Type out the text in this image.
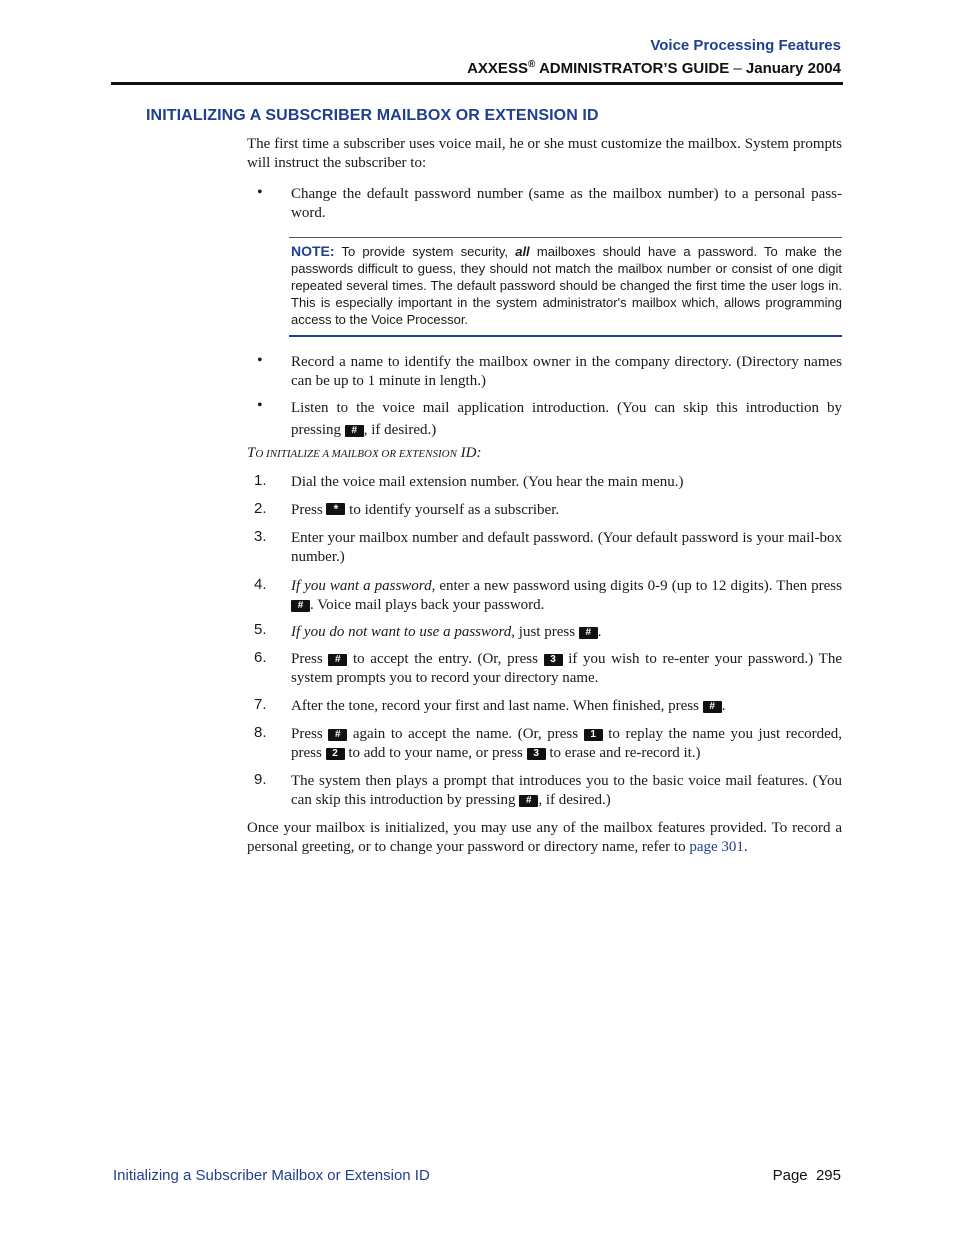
Voice Processing Features
AXXESS® ADMINISTRATOR’S GUIDE – January 2004
INITIALIZING A SUBSCRIBER MAILBOX OR EXTENSION ID
The first time a subscriber uses voice mail, he or she must customize the mailbox. System prompts will instruct the subscriber to:
• Change the default password number (same as the mailbox number) to a personal pass-word.
NOTE: To provide system security, all mailboxes should have a password. To make the passwords difficult to guess, they should not match the mailbox number or consist of one digit repeated several times. The default password should be changed the first time the user logs in. This is especially important in the system administrator's mailbox which, allows programming access to the Voice Processor.
• Record a name to identify the mailbox owner in the company directory. (Directory names can be up to 1 minute in length.)
• Listen to the voice mail application introduction. (You can skip this introduction by pressing # , if desired.)
TO INITIALIZE A MAILBOX OR EXTENSION ID:
1. Dial the voice mail extension number. (You hear the main menu.)
2. Press * to identify yourself as a subscriber.
3. Enter your mailbox number and default password. (Your default password is your mail-box number.)
4. If you want a password, enter a new password using digits 0-9 (up to 12 digits). Then press # . Voice mail plays back your password.
5. If you do not want to use a password, just press # .
6. Press # to accept the entry. (Or, press 3 if you wish to re-enter your password.) The system prompts you to record your directory name.
7. After the tone, record your first and last name. When finished, press # .
8. Press # again to accept the name. (Or, press 1 to replay the name you just recorded, press 2 to add to your name, or press 3 to erase and re-record it.)
9. The system then plays a prompt that introduces you to the basic voice mail features. (You can skip this introduction by pressing # , if desired.)
Once your mailbox is initialized, you may use any of the mailbox features provided. To record a personal greeting, or to change your password or directory name, refer to page 301.
Initializing a Subscriber Mailbox or Extension ID	Page  295
